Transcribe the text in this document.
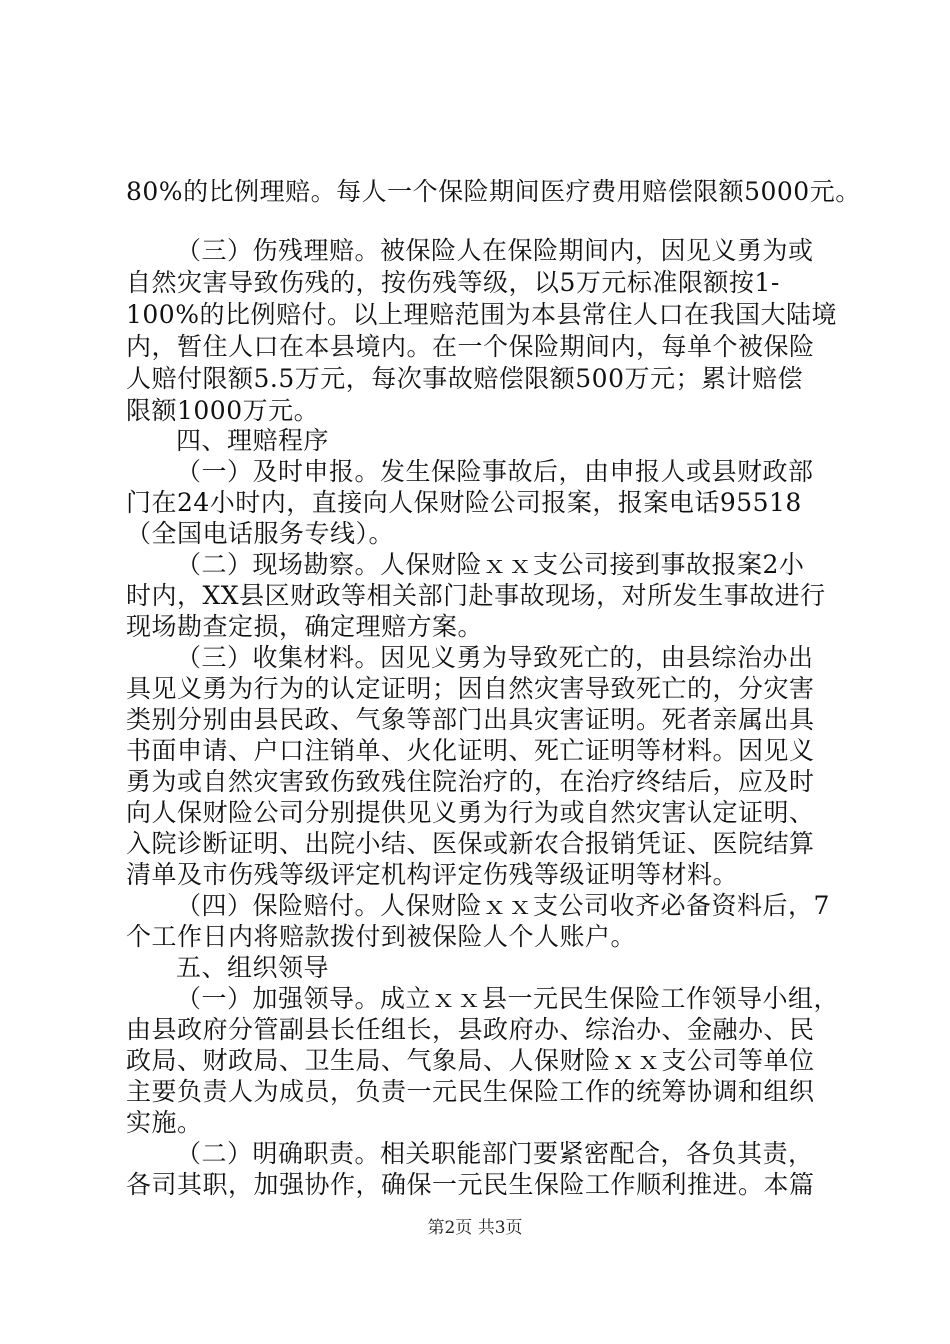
80%的比例理赔。每人一个保险期间医疗费用赔偿限额5000元。

（三）伤残理赔。被保险人在保险期间内，因见义勇为或

自然灾害导致伤残的，按伤残等级，以5万元标准限额按1-

100%的比例赔付。以上理赔范围为本县常住人口在我国大陆境

内，暂住人口在本县境内。在一个保险期间内，每单个被保险

人赔付限额5.5万元，每次事故赔偿限额500万元；累计赔偿

限额1000万元。

四、理赔程序

（一）及时申报。发生保险事故后，由申报人或县财政部

门在24小时内，直接向人保财险公司报案，报案电话95518

（全国电话服务专线）。

（二）现场勘察。人保财险ｘｘ支公司接到事故报案2小

时内，XX县区财政等相关部门赴事故现场，对所发生事故进行

现场勘查定损，确定理赔方案。

（三）收集材料。因见义勇为导致死亡的，由县综治办出

具见义勇为行为的认定证明；因自然灾害导致死亡的，分灾害

类别分别由县民政、气象等部门出具灾害证明。死者亲属出具

书面申请、户口注销单、火化证明、死亡证明等材料。因见义

勇为或自然灾害致伤致残住院治疗的，在治疗终结后，应及时

向人保财险公司分别提供见义勇为行为或自然灾害认定证明、

入院诊断证明、出院小结、医保或新农合报销凭证、医院结算

清单及市伤残等级评定机构评定伤残等级证明等材料。

（四）保险赔付。人保财险ｘｘ支公司收齐必备资料后，7

个工作日内将赔款拨付到被保险人个人账户。

五、组织领导

（一）加强领导。成立ｘｘ县一元民生保险工作领导小组，

由县政府分管副县长任组长，县政府办、综治办、金融办、民

政局、财政局、卫生局、气象局、人保财险ｘｘ支公司等单位

主要负责人为成员，负责一元民生保险工作的统筹协调和组织

实施。

（二）明确职责。相关职能部门要紧密配合，各负其责，

各司其职，加强协作，确保一元民生保险工作顺利推进。本篇

第2页 共3页
